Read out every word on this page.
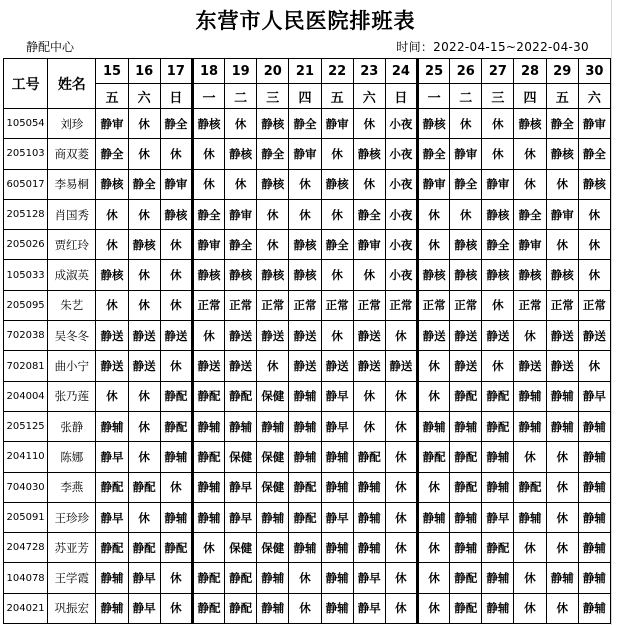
东营市人民医院排班表
静配中心	时间：2022-04-15~2022-04-30
工号	姓名	15	16	17	18	19	20	21	22	23	24	25	26	27	28	29	30
		五	六	日	一	二	三	四	五	六	日	一	二	三	四	五	六
105054	刘珍	静审	休	静全	静核	休	静核	静全	静审	休	小夜	静核	休	休	静核	静全	静审
205103	商双菱	静全	休	休	休	静核	静全	静审	休	静核	小夜	静全	静审	休	休	静核	静全
605017	李易桐	静核	静全	静审	休	休	静核	休	静核	休	小夜	静审	静全	静审	休	休	静核
205128	肖国秀	休	休	静核	静全	静审	休	休	休	静全	小夜	休	休	静核	静全	静审	休
205026	贾红玲	休	静核	休	静审	静全	休	静核	静全	静审	小夜	休	静核	静全	静审	休	休
105033	成淑英	静核	休	休	静核	静核	静核	静核	休	休	小夜	静核	静核	静核	静核	静核	休
205095	朱艺	休	休	休	正常	正常	正常	正常	正常	正常	正常	正常	正常	休	正常	正常	正常
702038	吴冬冬	静送	静送	静送	休	静送	静送	静送	休	静送	休	静送	静送	静送	休	静送	静送
702081	曲小宁	静送	静送	休	静送	静送	休	静送	静送	静送	静送	休	静送	休	静送	静送	休
204004	张乃莲	休	休	静配	静配	静配	保健	静辅	静早	休	休	休	静配	静配	静辅	静辅	静早
205125	张静	静辅	休	静配	静辅	静辅	静辅	静辅	静早	休	休	静辅	静辅	静配	静辅	静辅	静辅
204110	陈娜	静早	休	静辅	静配	保健	保健	静辅	静辅	静配	休	静配	静配	静辅	休	休	静辅
704030	李燕	静配	静配	休	静辅	静早	保健	静配	静辅	静辅	休	休	静配	静辅	静配	休	静辅
205091	王珍珍	静早	休	静辅	静辅	静早	静辅	静配	静早	静辅	休	静辅	静辅	静早	静辅	休	静辅
204728	苏亚芳	静配	静配	静配	休	保健	保健	静辅	静辅	静辅	休	休	静辅	静配	休	休	静辅
104078	王学霞	静辅	静早	休	静配	静配	静辅	休	静辅	静早	休	休	静配	静辅	休	静辅	静辅
204021	巩振宏	静辅	静早	休	静配	静配	静辅	休	静辅	静早	休	休	静配	静辅	休	休	静辅
